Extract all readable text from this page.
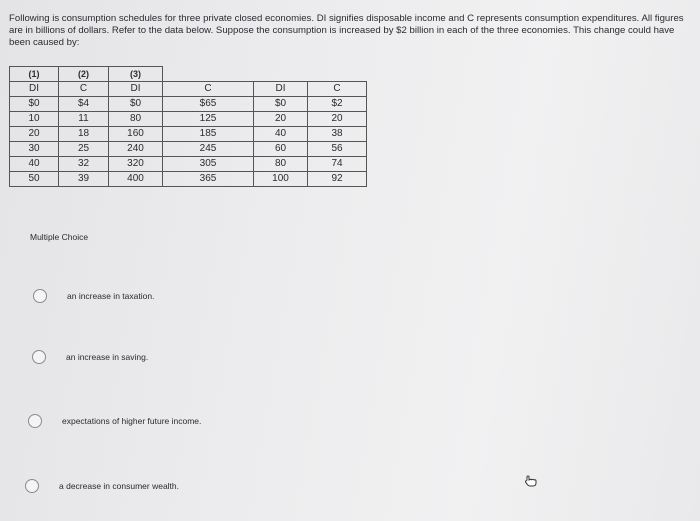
Following is consumption schedules for three private closed economies. DI signifies disposable income and C represents consumption expenditures. All figures are in billions of dollars. Refer to the data below. Suppose the consumption is increased by $2 billion in each of the three economies. This change could have been caused by:
(1)	(2)	(3)			
DI	C	DI	C	DI	C
$0	$4	$0	$65	$0	$2
10	11	80	125	20	20
20	18	160	185	40	38
30	25	240	245	60	56
40	32	320	305	80	74
50	39	400	365	100	92
Multiple Choice
an increase in taxation.
an increase in saving.
expectations of higher future income.
a decrease in consumer wealth.
